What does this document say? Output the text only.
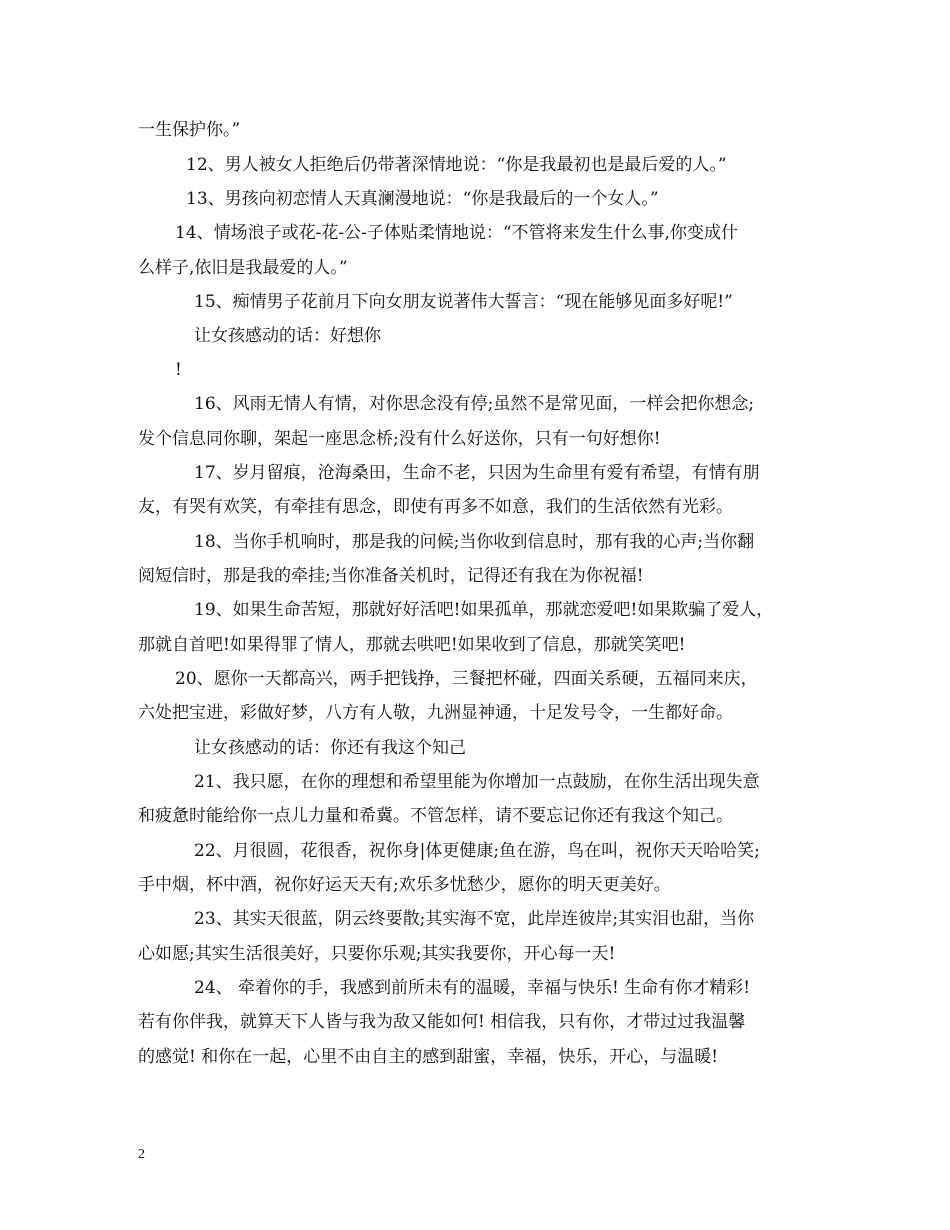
一生保护你。”
12、男人被女人拒绝后仍带著深情地说：“你是我最初也是最后爱的人。”
13、男孩向初恋情人天真澜漫地说：“你是我最后的一个女人。”
14、情场浪子或花-花-公-子体贴柔情地说：“不管将来发生什么事,你变成什
么样子,依旧是我最爱的人。”
15、痴情男子花前月下向女朋友说著伟大誓言：“现在能够见面多好呢!”
让女孩感动的话：好想你
!
16、风雨无情人有情，对你思念没有停;虽然不是常见面，一样会把你想念;
发个信息同你聊，架起一座思念桥;没有什么好送你，只有一句好想你!
17、岁月留痕，沧海桑田，生命不老，只因为生命里有爱有希望，有情有朋
友，有哭有欢笑，有牵挂有思念，即使有再多不如意，我们的生活依然有光彩。
18、当你手机响时，那是我的问候;当你收到信息时，那有我的心声;当你翻
阅短信时，那是我的牵挂;当你准备关机时，记得还有我在为你祝福!
19、如果生命苦短，那就好好活吧!如果孤单，那就恋爱吧!如果欺骗了爱人，
那就自首吧!如果得罪了情人，那就去哄吧!如果收到了信息，那就笑笑吧!
20、愿你一天都高兴，两手把钱挣，三餐把杯碰，四面关系硬，五福同来庆，
六处把宝进，彩做好梦，八方有人敬，九洲显神通，十足发号令，一生都好命。
让女孩感动的话：你还有我这个知己
21、我只愿，在你的理想和希望里能为你增加一点鼓励，在你生活出现失意
和疲惫时能给你一点儿力量和希冀。不管怎样，请不要忘记你还有我这个知己。
22、月很圆，花很香，祝你身|体更健康;鱼在游，鸟在叫，祝你天天哈哈笑;
手中烟，杯中酒，祝你好运天天有;欢乐多忧愁少，愿你的明天更美好。
23、其实天很蓝，阴云终要散;其实海不宽，此岸连彼岸;其实泪也甜，当你
心如愿;其实生活很美好，只要你乐观;其实我要你，开心每一天!
24、 牵着你的手，我感到前所未有的温暖，幸福与快乐! 生命有你才精彩!
若有你伴我，就算天下人皆与我为敌又能如何! 相信我，只有你，才带过过我温馨
的感觉! 和你在一起，心里不由自主的感到甜蜜，幸福，快乐，开心，与温暖!
2
